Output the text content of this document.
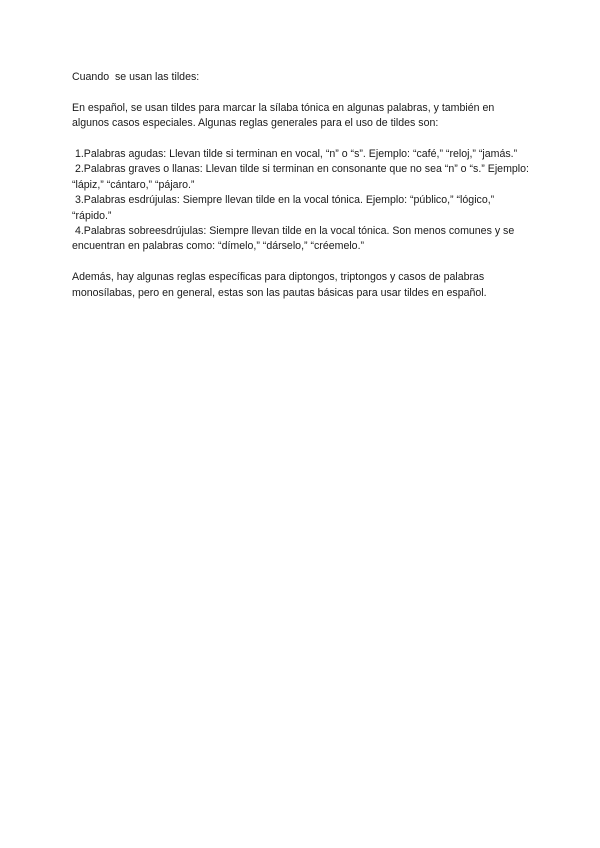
Cuando  se usan las tildes:

En español, se usan tildes para marcar la sílaba tónica en algunas palabras, y también en algunos casos especiales. Algunas reglas generales para el uso de tildes son:

1.Palabras agudas: Llevan tilde si terminan en vocal, “n” o “s”. Ejemplo: “café,” “reloj,” “jamás.”

2.Palabras graves o llanas: Llevan tilde si terminan en consonante que no sea “n” o “s.” Ejemplo: “lápiz,” “cántaro,” “pájaro.”

3.Palabras esdrújulas: Siempre llevan tilde en la vocal tónica. Ejemplo: “público,” “lógico,” “rápido.”

4.Palabras sobreesdrújulas: Siempre llevan tilde en la vocal tónica. Son menos comunes y se encuentran en palabras como: “dímelo,” “dárselo,” “créemelo.”

Además, hay algunas reglas específicas para diptongos, triptongos y casos de palabras monosílabas, pero en general, estas son las pautas básicas para usar tildes en español.
